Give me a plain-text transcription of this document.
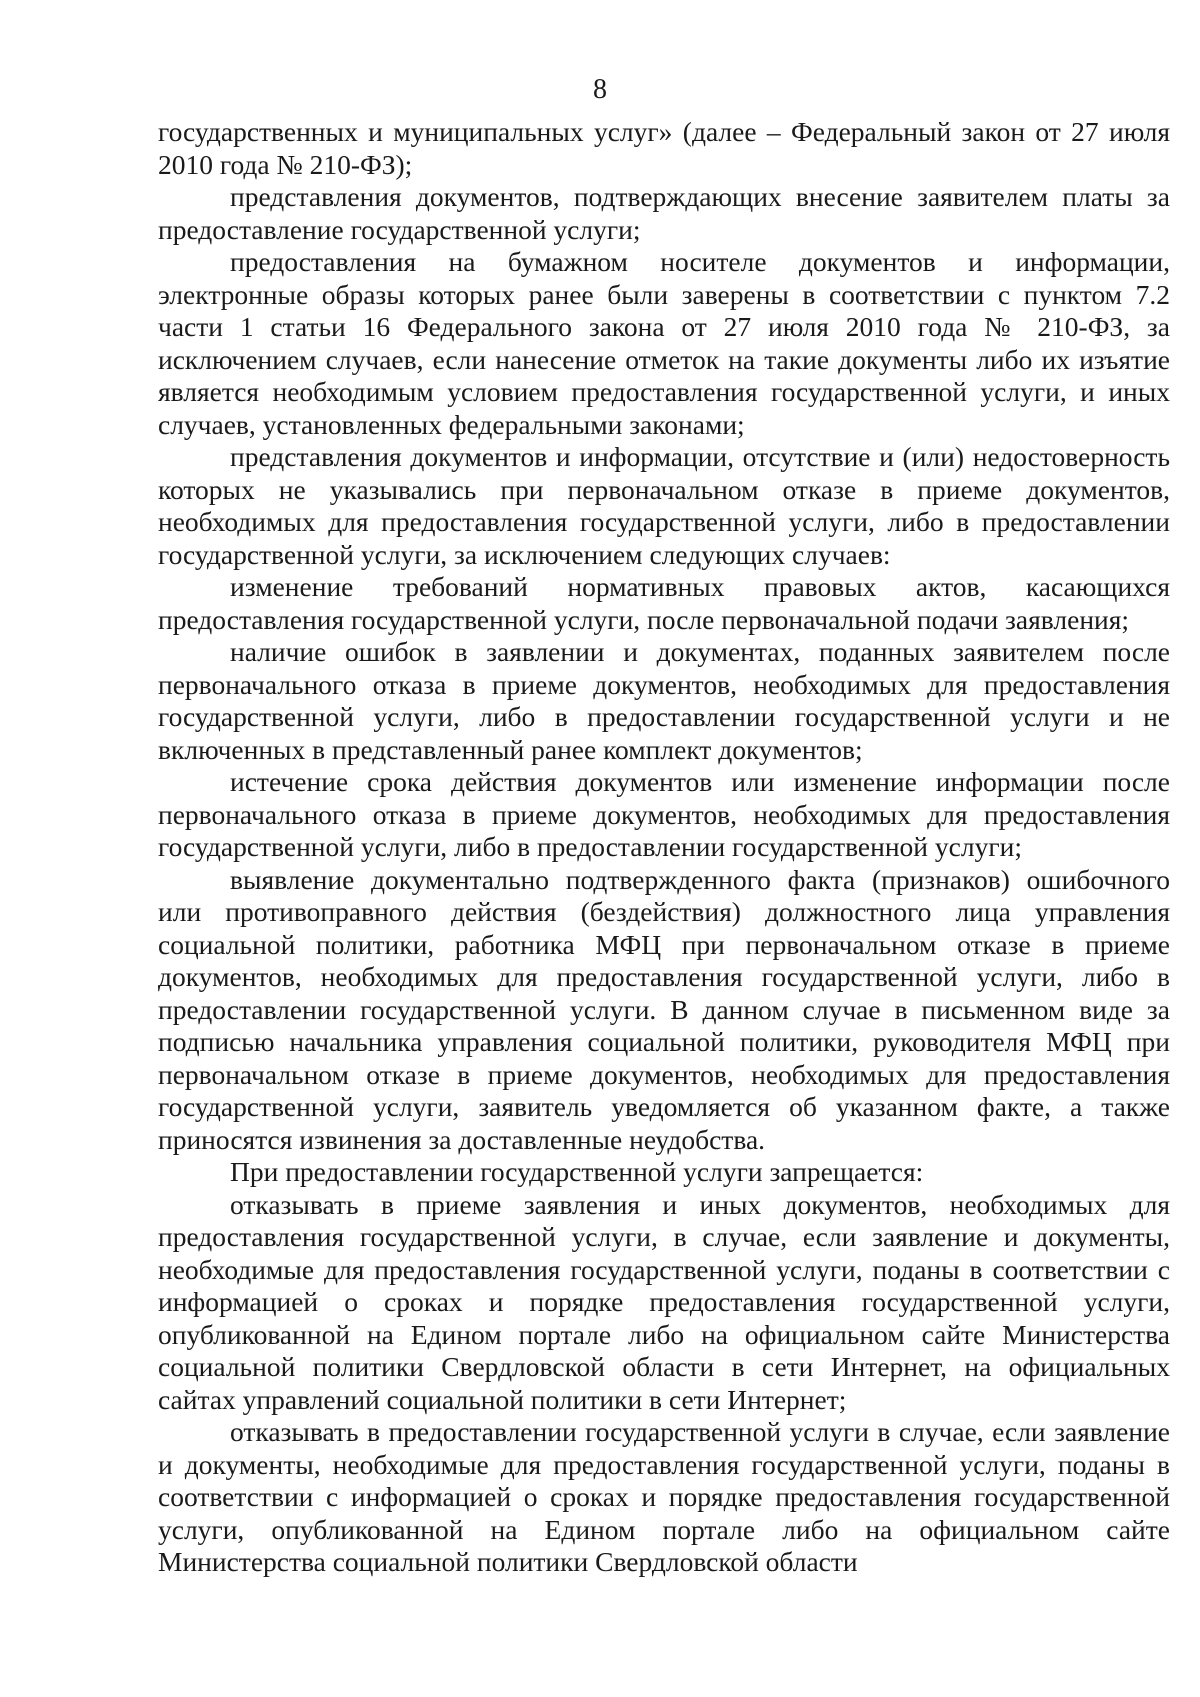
8

государственных и муниципальных услуг» (далее – Федеральный закон от 27 июля 2010 года № 210-ФЗ);

представления документов, подтверждающих внесение заявителем платы за предоставление государственной услуги;

предоставления на бумажном носителе документов и информации, электронные образы которых ранее были заверены в соответствии с пунктом 7.2 части 1 статьи 16 Федерального закона от 27 июля 2010 года № 210-ФЗ, за исключением случаев, если нанесение отметок на такие документы либо их изъятие является необходимым условием предоставления государственной услуги, и иных случаев, установленных федеральными законами;

представления документов и информации, отсутствие и (или) недостоверность которых не указывались при первоначальном отказе в приеме документов, необходимых для предоставления государственной услуги, либо в предоставлении государственной услуги, за исключением следующих случаев:

изменение требований нормативных правовых актов, касающихся предоставления государственной услуги, после первоначальной подачи заявления;

наличие ошибок в заявлении и документах, поданных заявителем после первоначального отказа в приеме документов, необходимых для предоставления государственной услуги, либо в предоставлении государственной услуги и не включенных в представленный ранее комплект документов;

истечение срока действия документов или изменение информации после первоначального отказа в приеме документов, необходимых для предоставления государственной услуги, либо в предоставлении государственной услуги;

выявление документально подтвержденного факта (признаков) ошибочного или противоправного действия (бездействия) должностного лица управления социальной политики, работника МФЦ при первоначальном отказе в приеме документов, необходимых для предоставления государственной услуги, либо в предоставлении государственной услуги. В данном случае в письменном виде за подписью начальника управления социальной политики, руководителя МФЦ при первоначальном отказе в приеме документов, необходимых для предоставления государственной услуги, заявитель уведомляется об указанном факте, а также приносятся извинения за доставленные неудобства.

При предоставлении государственной услуги запрещается:

отказывать в приеме заявления и иных документов, необходимых для предоставления государственной услуги, в случае, если заявление и документы, необходимые для предоставления государственной услуги, поданы в соответствии с информацией о сроках и порядке предоставления государственной услуги, опубликованной на Едином портале либо на официальном сайте Министерства социальной политики Свердловской области в сети Интернет, на официальных сайтах управлений социальной политики в сети Интернет;

отказывать в предоставлении государственной услуги в случае, если заявление и документы, необходимые для предоставления государственной услуги, поданы в соответствии с информацией о сроках и порядке предоставления государственной услуги, опубликованной на Едином портале либо на официальном сайте Министерства социальной политики Свердловской области
